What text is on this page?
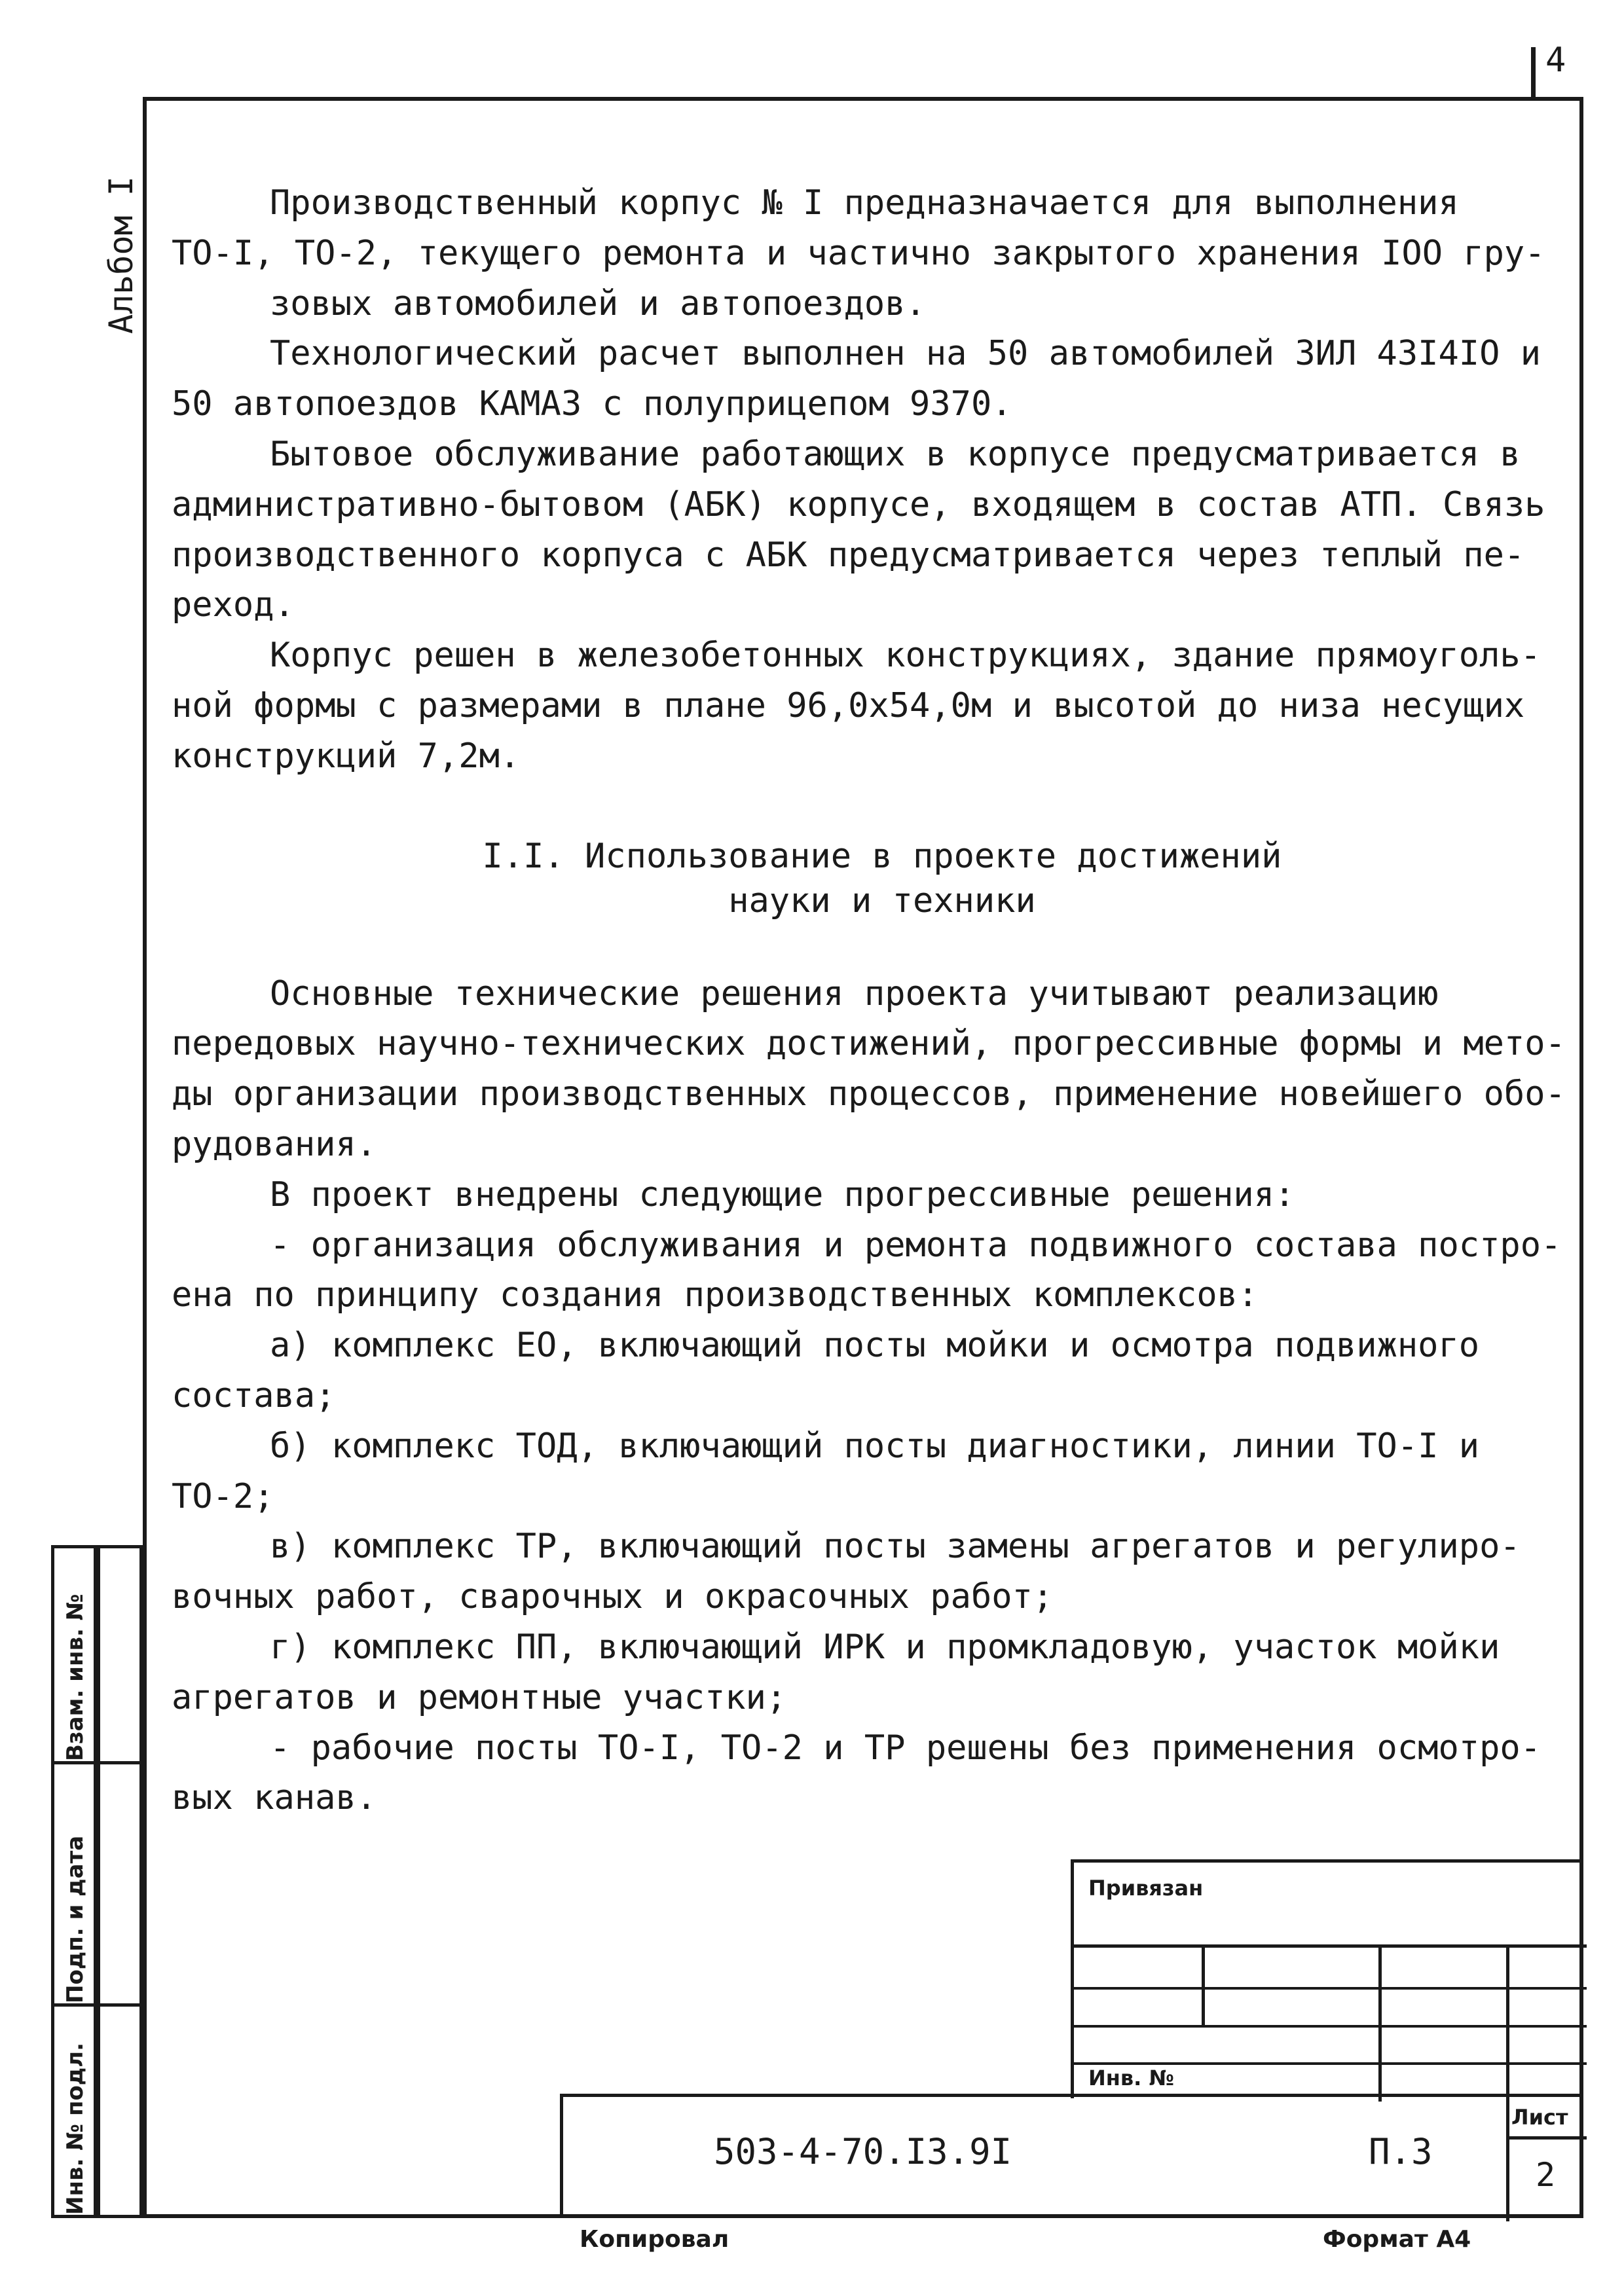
4
Альбом I	Производственный корпус № I предназначается для выполнения
ТО-I, ТО-2, текущего ремонта и частично закрытого хранения IOO гру-
зовых автомобилей и автопоездов.

Технологический расчет выполнен на 50 автомобилей ЗИЛ 43I4IO и
50 автопоездов КАМАЗ с полуприцепом 9370.

Бытовое обслуживание работающих в корпусе предусматривается в
административно-бытовом (АБК) корпусе, входящем в состав АТП. Связь
производственного корпуса с АБК предусматривается через теплый пе-
реход.

Корпус решен в железобетонных конструкциях, здание прямоуголь-
ной формы с размерами в плане 96,0х54,0м и высотой до низа несущих
конструкций 7,2м.

I.I. Использование в проекте достижений
науки и техники

Основные технические решения проекта учитывают реализацию
передовых научно-технических достижений, прогрессивные формы и мето-
ды организации производственных процессов, применение новейшего обо-
рудования.

В проект внедрены следующие прогрессивные решения:

- организация обслуживания и ремонта подвижного состава постро-
ена по принципу создания производственных комплексов:

а) комплекс ЕО, включающий посты мойки и осмотра подвижного
состава;

б) комплекс ТОД, включающий посты диагностики, линии ТО-I и
ТО-2;

в) комплекс ТР, включающий посты замены агрегатов и регулиро-
вочных работ, сварочных и окрасочных работ;

г) комплекс ПП, включающий ИРК и промкладовую, участок мойки
агрегатов и ремонтные участки;

- рабочие посты ТО-I, ТО-2 и ТР решены без применения осмотро-
вых канав.

Взам. инв. №
Подп. и дата
Инв. № подл.
Привязан
Инв. №
503-4-70.I3.9I	П.3
Лист
2
Копировал	Формат А4
